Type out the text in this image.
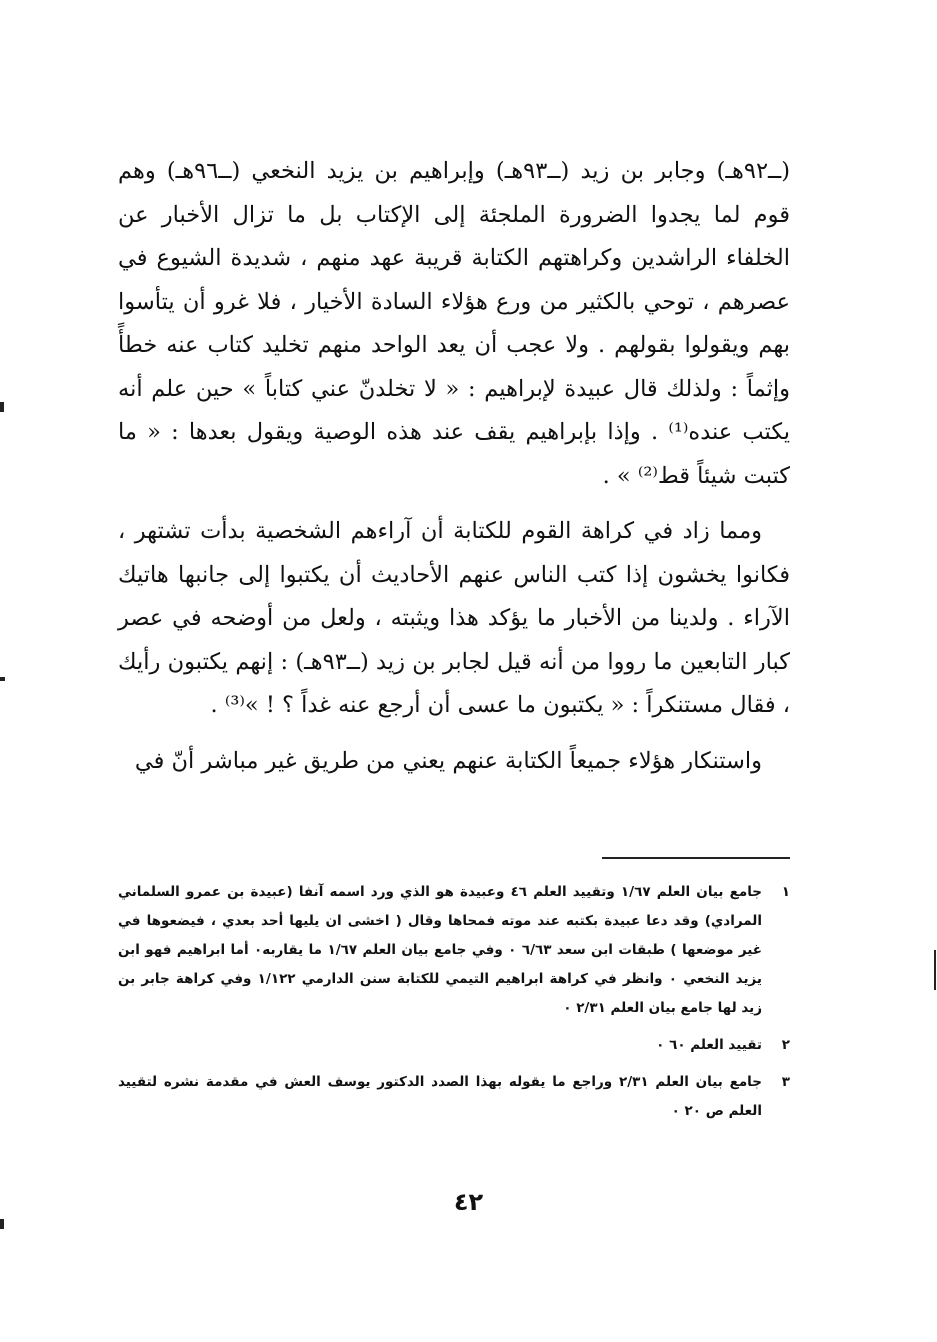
(ــ٩٢هـ) وجابر بن زيد (ــ٩٣هـ) وإبراهيم بن يزيد النخعي (ــ٩٦هـ) وهم قوم لما يجدوا الضرورة الملجئة إلى الإكتاب بل ما تزال الأخبار عن الخلفاء الراشدين وكراهتهم الكتابة قريبة عهد منهم ، شديدة الشيوع في عصرهم ، توحي بالكثير من ورع هؤلاء السادة الأخيار ، فلا غرو أن يتأسوا بهم ويقولوا بقولهم . ولا عجب أن يعد الواحد منهم تخليد كتاب عنه خطأً وإثماً : ولذلك قال عبيدة لإبراهيم : « لا تخلدنّ عني كتاباً » حين علم أنه يكتب عنده⁽¹⁾ . وإذا بإبراهيم يقف عند هذه الوصية ويقول بعدها : « ما كتبت شيئاً قط⁽²⁾ » .

ومما زاد في كراهة القوم للكتابة أن آراءهم الشخصية بدأت تشتهر ، فكانوا يخشون إذا كتب الناس عنهم الأحاديث أن يكتبوا إلى جانبها هاتيك الآراء . ولدينا من الأخبار ما يؤكد هذا ويثبته ، ولعل من أوضحه في عصر كبار التابعين ما رووا من أنه قيل لجابر بن زيد (ــ٩٣هـ) : إنهم يكتبون رأيك ، فقال مستنكراً : « يكتبون ما عسى أن أرجع عنه غداً ؟ ! »⁽³⁾ .

واستنكار هؤلاء جميعاً الكتابة عنهم يعني من طريق غير مباشر أنّ في

١
جامع بيان العلم ١/٦٧ وتقييد العلم ٤٦ وعبيدة هو الذي ورد اسمه آنفا (عبيدة بن عمرو السلماني المرادي) وقد دعا عبيدة بكتبه عند موته فمحاها وقال ( اخشى ان يليها أحد بعدي ، فيضعوها في غير موضعها ) طبقات ابن سعد ٦/٦٣ ٠ وفي جامع بيان العلم ١/٦٧ ما يقاربه٠ أما ابراهيم فهو ابن يزيد النخعي ٠ وانظر في كراهة ابراهيم التيمي للكتابة سنن الدارمي ١/١٢٢ وفي كراهة جابر بن زيد لها جامع بيان العلم ٢/٣١ ٠
٢
تقييد العلم ٦٠ ٠
٣
جامع بيان العلم ٢/٣١ وراجع ما يقوله بهذا الصدد الدكتور يوسف العش في مقدمة نشره لتقييد العلم ص ٢٠ ٠
٤٢
